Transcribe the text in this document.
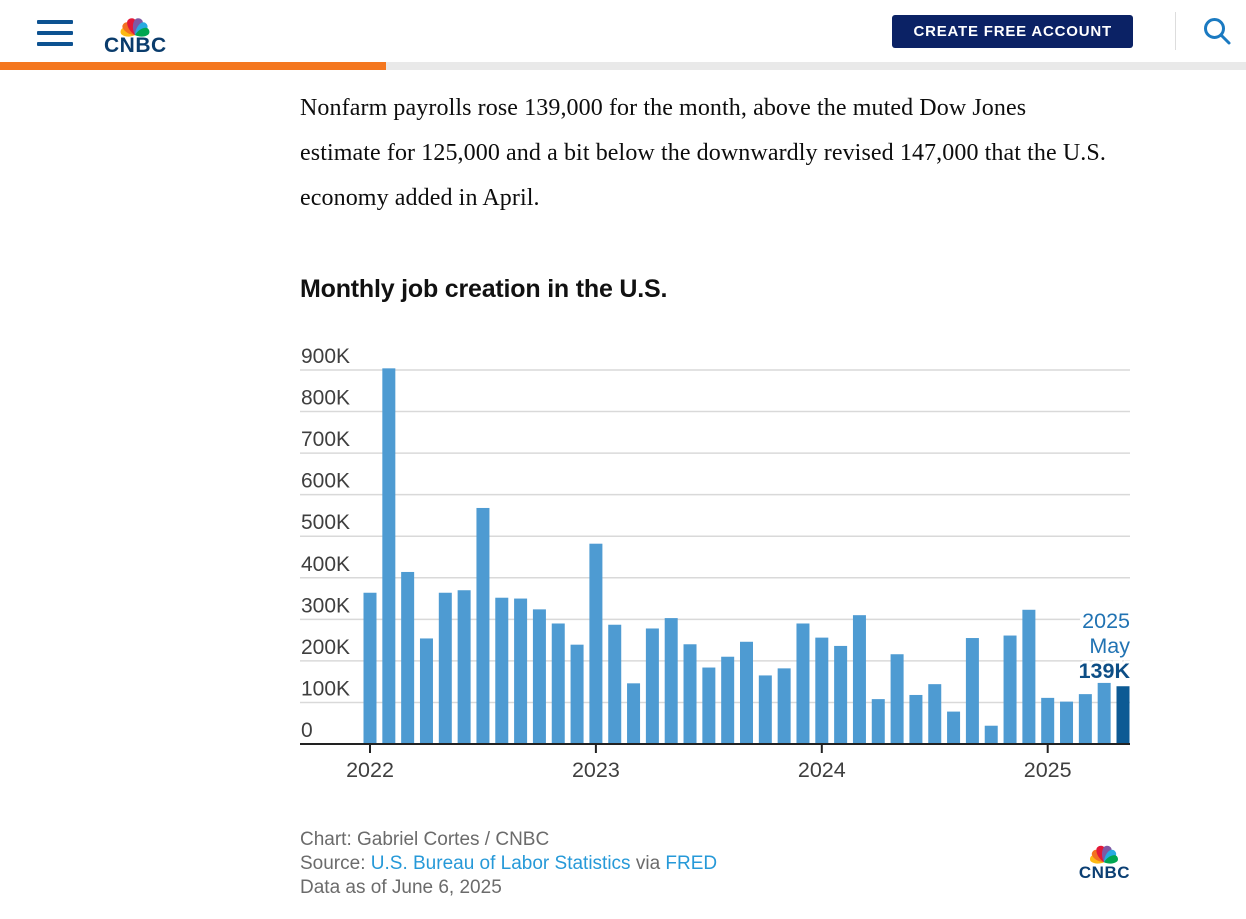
CNBC
CREATE FREE ACCOUNT

Nonfarm payrolls rose 139,000 for the month, above the muted Dow Jones estimate for 125,000 and a bit below the downwardly revised 147,000 that the U.S. economy added in April.

Monthly job creation in the U.S.
0
100K
200K
300K
400K
500K
600K
700K
800K
900K
2022	2023	2024	2025
2025
May
139K
Chart: Gabriel Cortes / CNBC
Source: U.S. Bureau of Labor Statistics via FRED
Data as of June 6, 2025
CNBC
